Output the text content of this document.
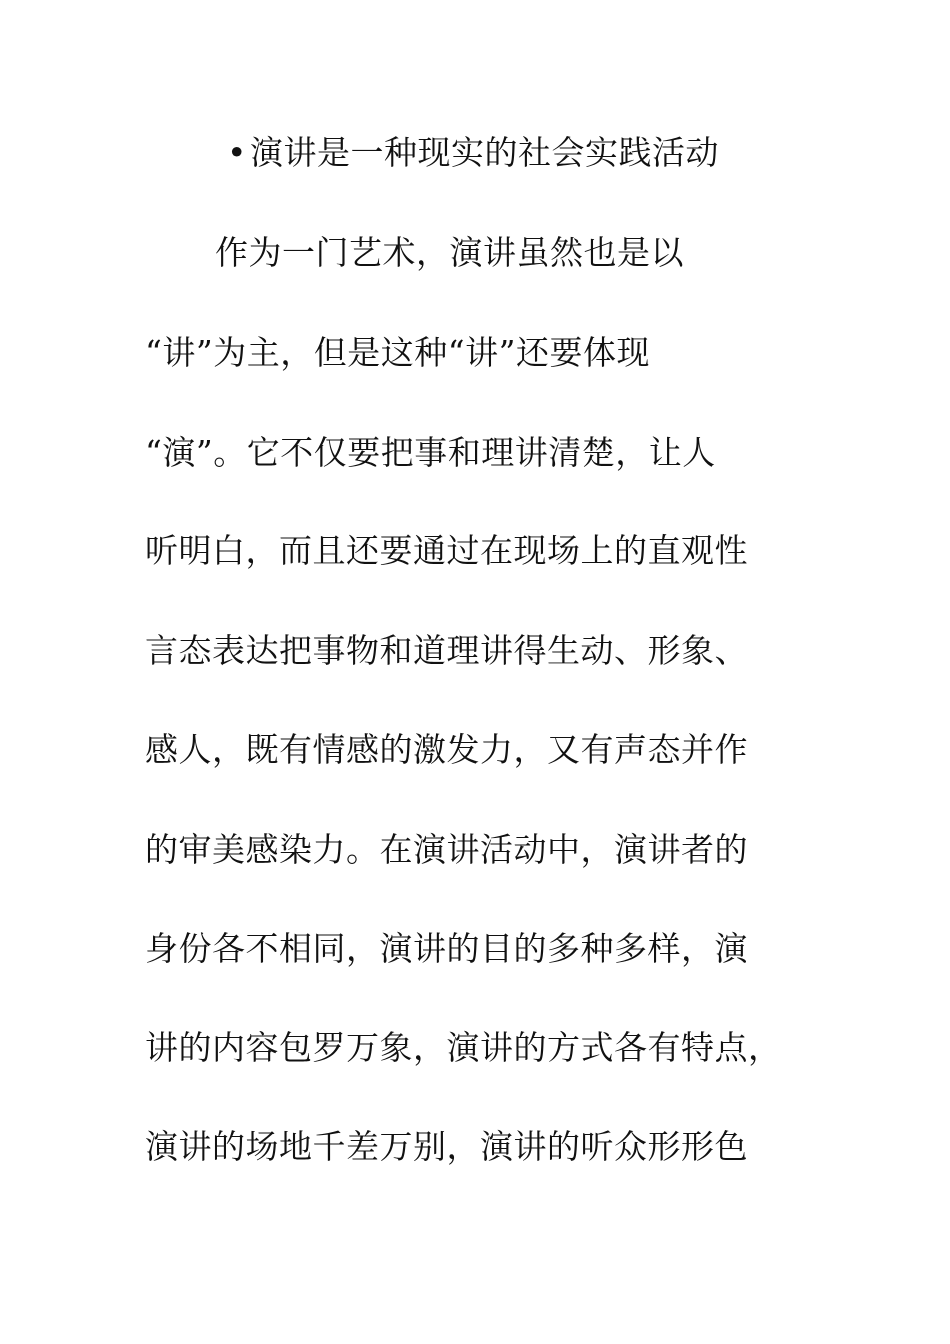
•演讲是一种现实的社会实践活动
作为一门艺术，演讲虽然也是以
“讲”为主，但是这种“讲”还要体现
“演”。它不仅要把事和理讲清楚，让人
听明白，而且还要通过在现场上的直观性
言态表达把事物和道理讲得生动、形象、
感人，既有情感的激发力，又有声态并作
的审美感染力。在演讲活动中，演讲者的
身份各不相同，演讲的目的多种多样，演
讲的内容包罗万象，演讲的方式各有特点，
演讲的场地千差万别，演讲的听众形形色
